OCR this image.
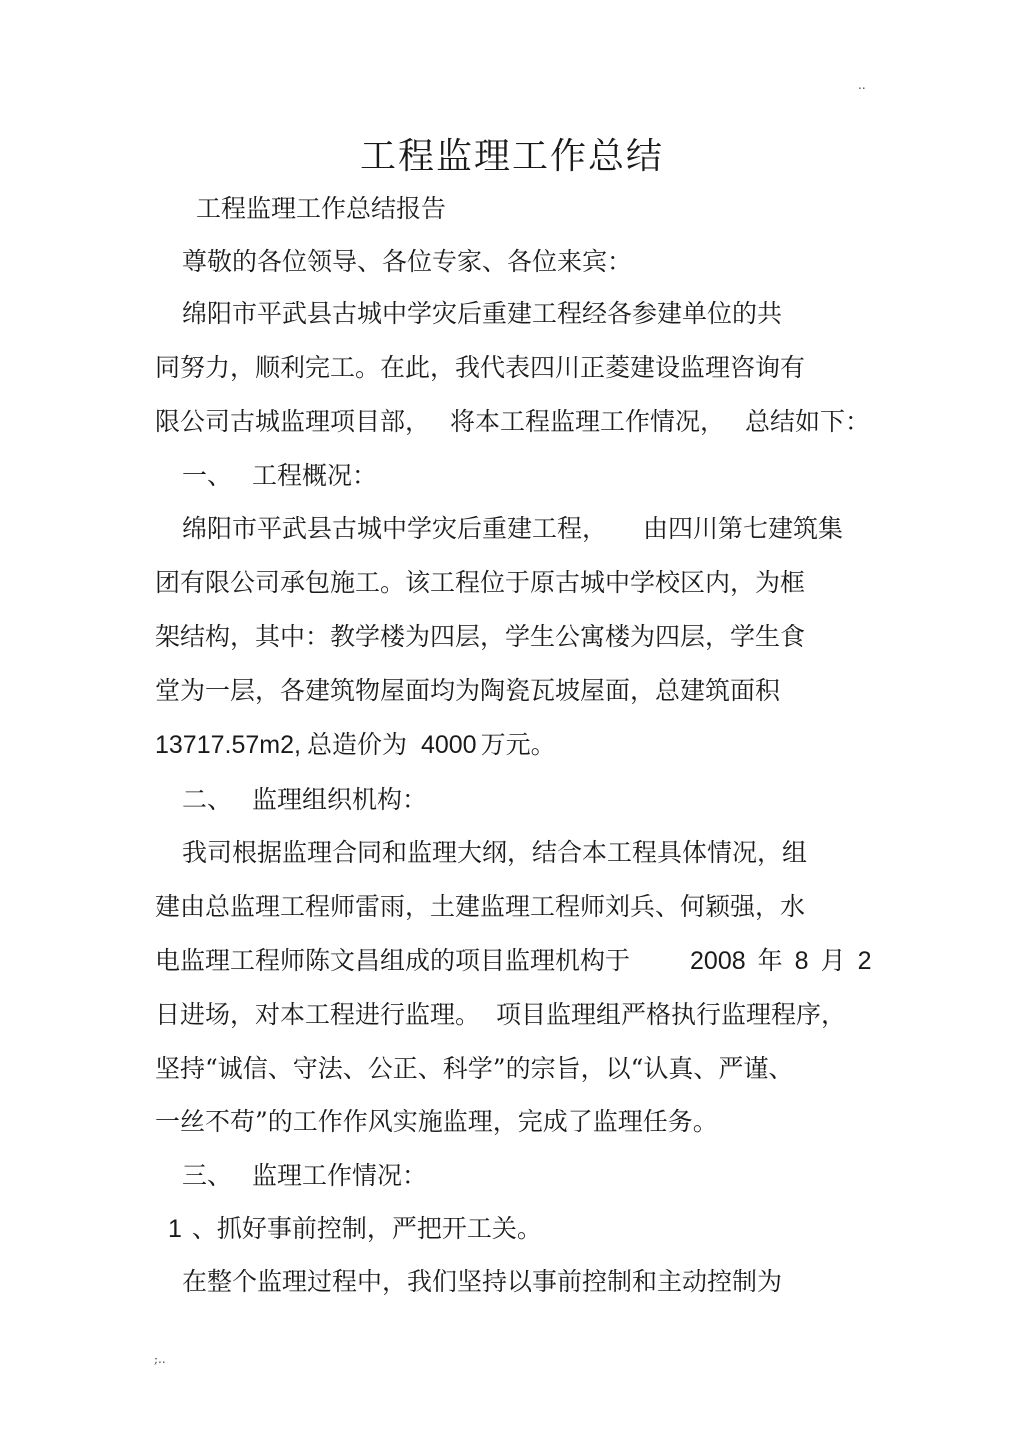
..
工程监理工作总结
工程监理工作总结报告
尊敬的各位领导、各位专家、各位来宾：
绵阳市平武县古城中学灾后重建工程经各参建单位的共
同努力，顺利完工。在此，我代表四川正菱建设监理咨询有
限公司古城监理项目部， 将本工程监理工作情况， 总结如下：
一、 工程概况：
绵阳市平武县古城中学灾后重建工程， 由四川第七建筑集
团有限公司承包施工。该工程位于原古城中学校区内，为框
架结构，其中：教学楼为四层，学生公寓楼为四层，学生食
堂为一层，各建筑物屋面均为陶瓷瓦坡屋面，总建筑面积
13717.57m2, 总造价为 4000 万元。
二、 监理组织机构：
我司根据监理合同和监理大纲，结合本工程具体情况，组
建由总监理工程师雷雨，土建监理工程师刘兵、何颖强，水
电监理工程师陈文昌组成的项目监理机构于 2008 年 8 月 2
日进场，对本工程进行监理。 项目监理组严格执行监理程序，
坚持“诚信、守法、公正、科学”的宗旨，以“认真、严谨、
一丝不苟”的工作作风实施监理，完成了监理任务。
三、 监理工作情况：
1 、抓好事前控制，严把开工关。
在整个监理过程中，我们坚持以事前控制和主动控制为
;..
